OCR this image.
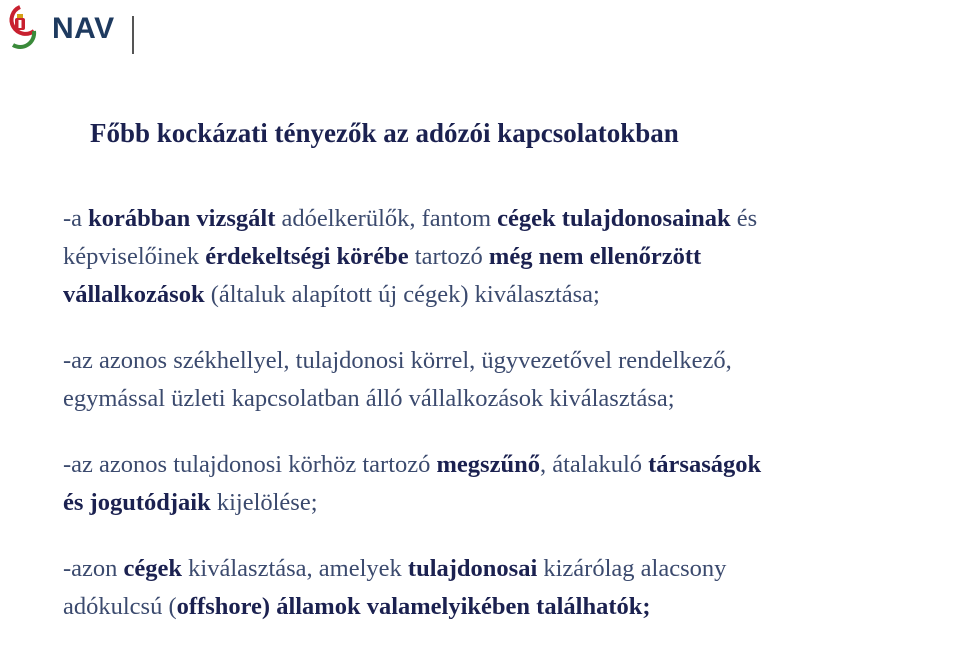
NAV
Főbb kockázati tényezők az adózói kapcsolatokban

-a korábban vizsgált adóelkerülők, fantom cégek tulajdonosainak és
képviselőinek érdekeltségi körébe tartozó még nem ellenőrzött
vállalkozások (általuk alapított új cégek) kiválasztása;

-az azonos székhellyel, tulajdonosi körrel, ügyvezetővel rendelkező,
egymással üzleti kapcsolatban álló vállalkozások kiválasztása;

-az azonos tulajdonosi körhöz tartozó megszűnő, átalakuló társaságok
és jogutódjaik kijelölése;

-azon cégek kiválasztása, amelyek tulajdonosai kizárólag alacsony
adókulcsú (offshore) államok valamelyikében találhatók;
